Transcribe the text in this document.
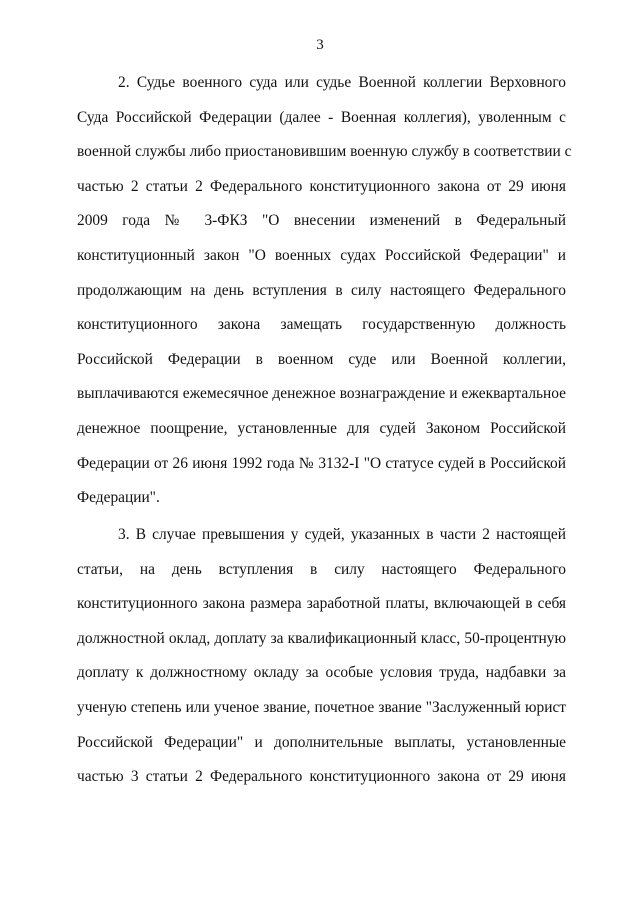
3
2. Судье военного суда или судье Военной коллегии Верховного
Суда Российской Федерации (далее - Военная коллегия), уволенным с
военной службы либо приостановившим военную службу в соответствии с
частью 2 статьи 2 Федерального конституционного закона от 29 июня
2009 года № 3-ФКЗ "О внесении изменений в Федеральный
конституционный закон "О военных судах Российской Федерации" и
продолжающим на день вступления в силу настоящего Федерального
конституционного закона замещать государственную должность
Российской Федерации в военном суде или Военной коллегии,
выплачиваются ежемесячное денежное вознаграждение и ежеквартальное
денежное поощрение, установленные для судей Законом Российской
Федерации от 26 июня 1992 года № 3132-I "О статусе судей в Российской
Федерации".
3. В случае превышения у судей, указанных в части 2 настоящей
статьи, на день вступления в силу настоящего Федерального
конституционного закона размера заработной платы, включающей в себя
должностной оклад, доплату за квалификационный класс, 50-процентную
доплату к должностному окладу за особые условия труда, надбавки за
ученую степень или ученое звание, почетное звание "Заслуженный юрист
Российской Федерации" и дополнительные выплаты, установленные
частью 3 статьи 2 Федерального конституционного закона от 29 июня
